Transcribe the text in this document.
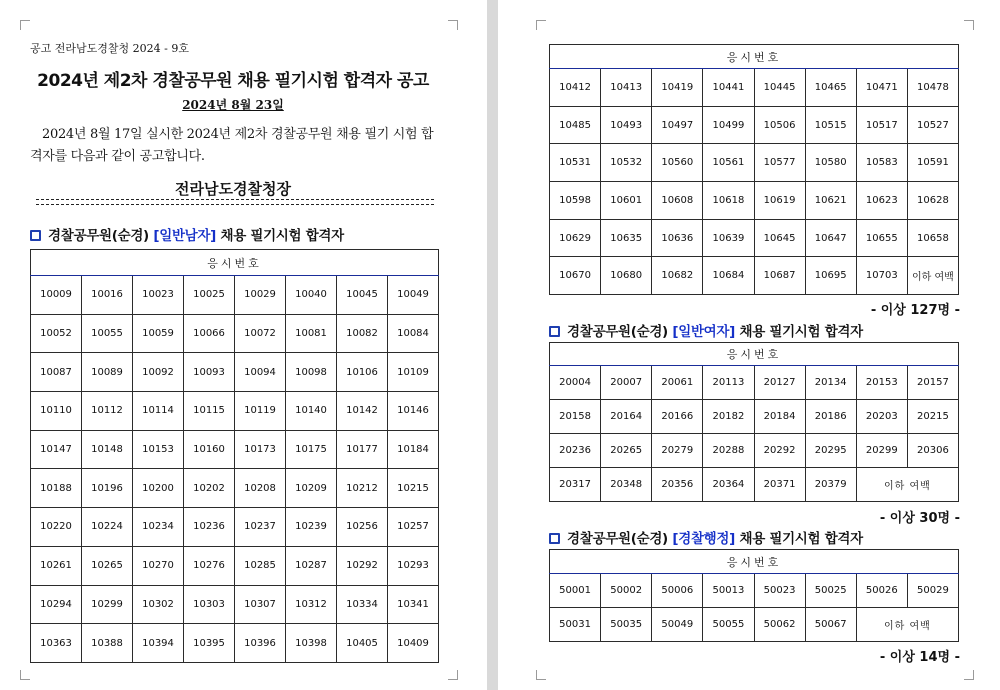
공고 전라남도경찰청 2024 - 9호
2024년 제2차 경찰공무원 채용 필기시험 합격자 공고
2024년 8월 23일
2024년 8월 17일 실시한 2024년 제2차 경찰공무원 채용 필기 시험 합격자를 다음과 같이 공고합니다.
전라남도경찰청장
경찰공무원(순경) [일반남자] 채용 필기시험 합격자
응시번호							
10009	10016	10023	10025	10029	10040	10045	10049
10052	10055	10059	10066	10072	10081	10082	10084
10087	10089	10092	10093	10094	10098	10106	10109
10110	10112	10114	10115	10119	10140	10142	10146
10147	10148	10153	10160	10173	10175	10177	10184
10188	10196	10200	10202	10208	10209	10212	10215
10220	10224	10234	10236	10237	10239	10256	10257
10261	10265	10270	10276	10285	10287	10292	10293
10294	10299	10302	10303	10307	10312	10334	10341
10363	10388	10394	10395	10396	10398	10405	10409
응시번호							
10412	10413	10419	10441	10445	10465	10471	10478
10485	10493	10497	10499	10506	10515	10517	10527
10531	10532	10560	10561	10577	10580	10583	10591
10598	10601	10608	10618	10619	10621	10623	10628
10629	10635	10636	10639	10645	10647	10655	10658
10670	10680	10682	10684	10687	10695	10703	이하 여백
- 이상 127명 -
경찰공무원(순경) [일반여자] 채용 필기시험 합격자
응시번호							
20004	20007	20061	20113	20127	20134	20153	20157
20158	20164	20166	20182	20184	20186	20203	20215
20236	20265	20279	20288	20292	20295	20299	20306
20317	20348	20356	20364	20371	20379	이하 여백	
- 이상 30명 -
경찰공무원(순경) [경찰행정] 채용 필기시험 합격자
응시번호							
50001	50002	50006	50013	50023	50025	50026	50029
50031	50035	50049	50055	50062	50067	이하 여백	
- 이상 14명 -
